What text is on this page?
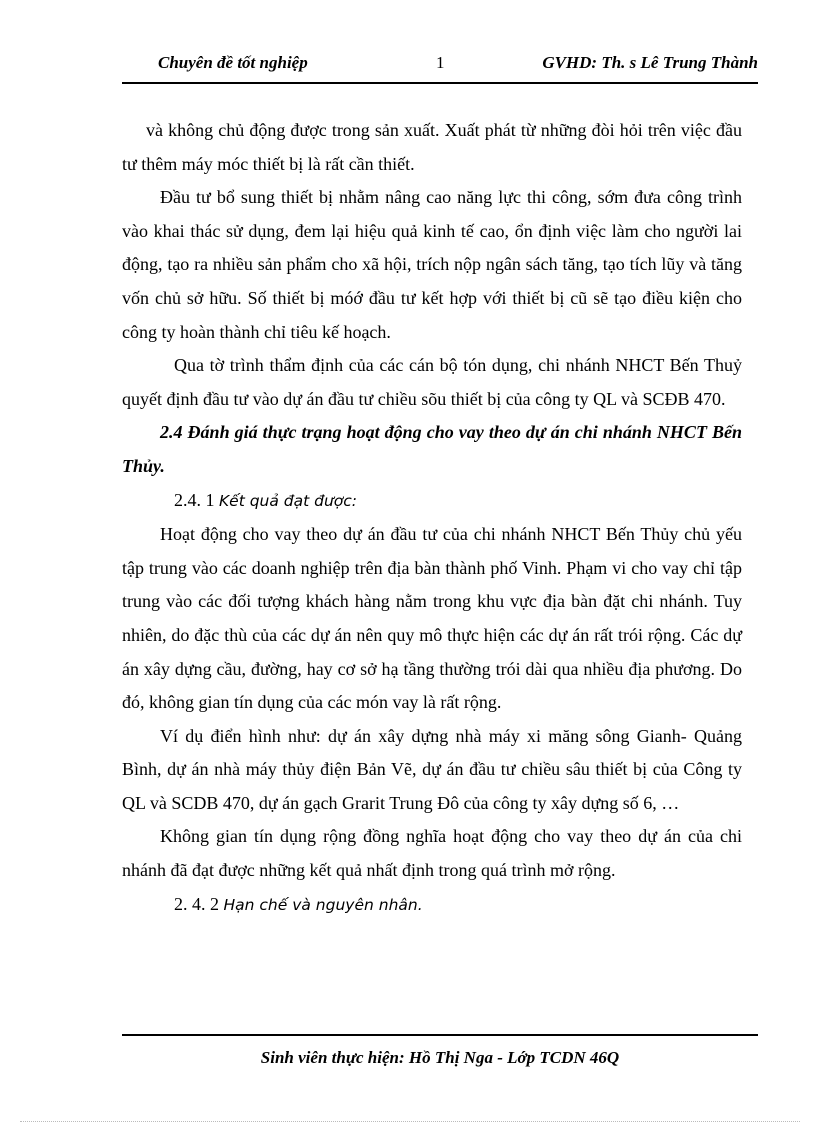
Chuyên đề tốt nghiệp	1	GVHD: Th. s Lê Trung Thành

và không chủ động được trong sản xuất. Xuất phát từ những đòi hỏi trên việc đầu tư thêm máy móc thiết bị là rất cần thiết.

Đầu tư bổ sung thiết bị nhằm nâng cao năng lực thi công, sớm đưa công trình vào khai thác sử dụng, đem lại hiệu quả kinh tế cao, ổn định việc làm cho người lai động, tạo ra nhiều sản phẩm cho xã hội, trích nộp ngân sách tăng, tạo tích lũy và tăng vốn chủ sở hữu. Số thiết bị móớ đầu tư kết hợp với thiết bị cũ sẽ tạo điều kiện cho công ty hoàn thành chỉ tiêu kế hoạch.

Qua tờ trình thẩm định của các cán bộ tón dụng, chi nhánh NHCT Bến Thuỷ quyết định đầu tư vào dự án đầu tư chiều sõu thiết bị của công ty QL và SCĐB 470.

2.4 Đánh giá thực trạng hoạt động cho vay theo dự án chi nhánh NHCT Bến Thủy.

2.4. 1 Kết quả đạt được:

Hoạt động cho vay theo dự án đầu tư của chi nhánh NHCT Bến Thủy chủ yếu tập trung vào các doanh nghiệp trên địa bàn thành phố Vinh. Phạm vi cho vay chỉ tập trung vào các đối tượng khách hàng nằm trong khu vực địa bàn đặt chi nhánh. Tuy nhiên, do đặc thù của các dự án nên quy mô thực hiện các dự án rất trói rộng. Các dự án xây dựng cầu, đường, hay cơ sở hạ tầng thường trói dài qua nhiều địa phương. Do đó, không gian tín dụng của các món vay là rất rộng.

Ví dụ điển hình như: dự án xây dựng nhà máy xi măng sông Gianh- Quảng Bình, dự án nhà máy thủy điện Bản Vẽ, dự án đầu tư chiều sâu thiết bị của Công ty QL và SCDB 470, dự án gạch Grarit Trung Đô của công ty xây dựng số 6, …

Không gian tín dụng rộng đồng nghĩa hoạt động cho vay theo dự án của chi nhánh đã đạt được những kết quả nhất định trong quá trình mở rộng.

2. 4. 2 Hạn chế và nguyên nhân.

Sinh viên thực hiện: Hồ Thị Nga - Lớp TCDN 46Q
